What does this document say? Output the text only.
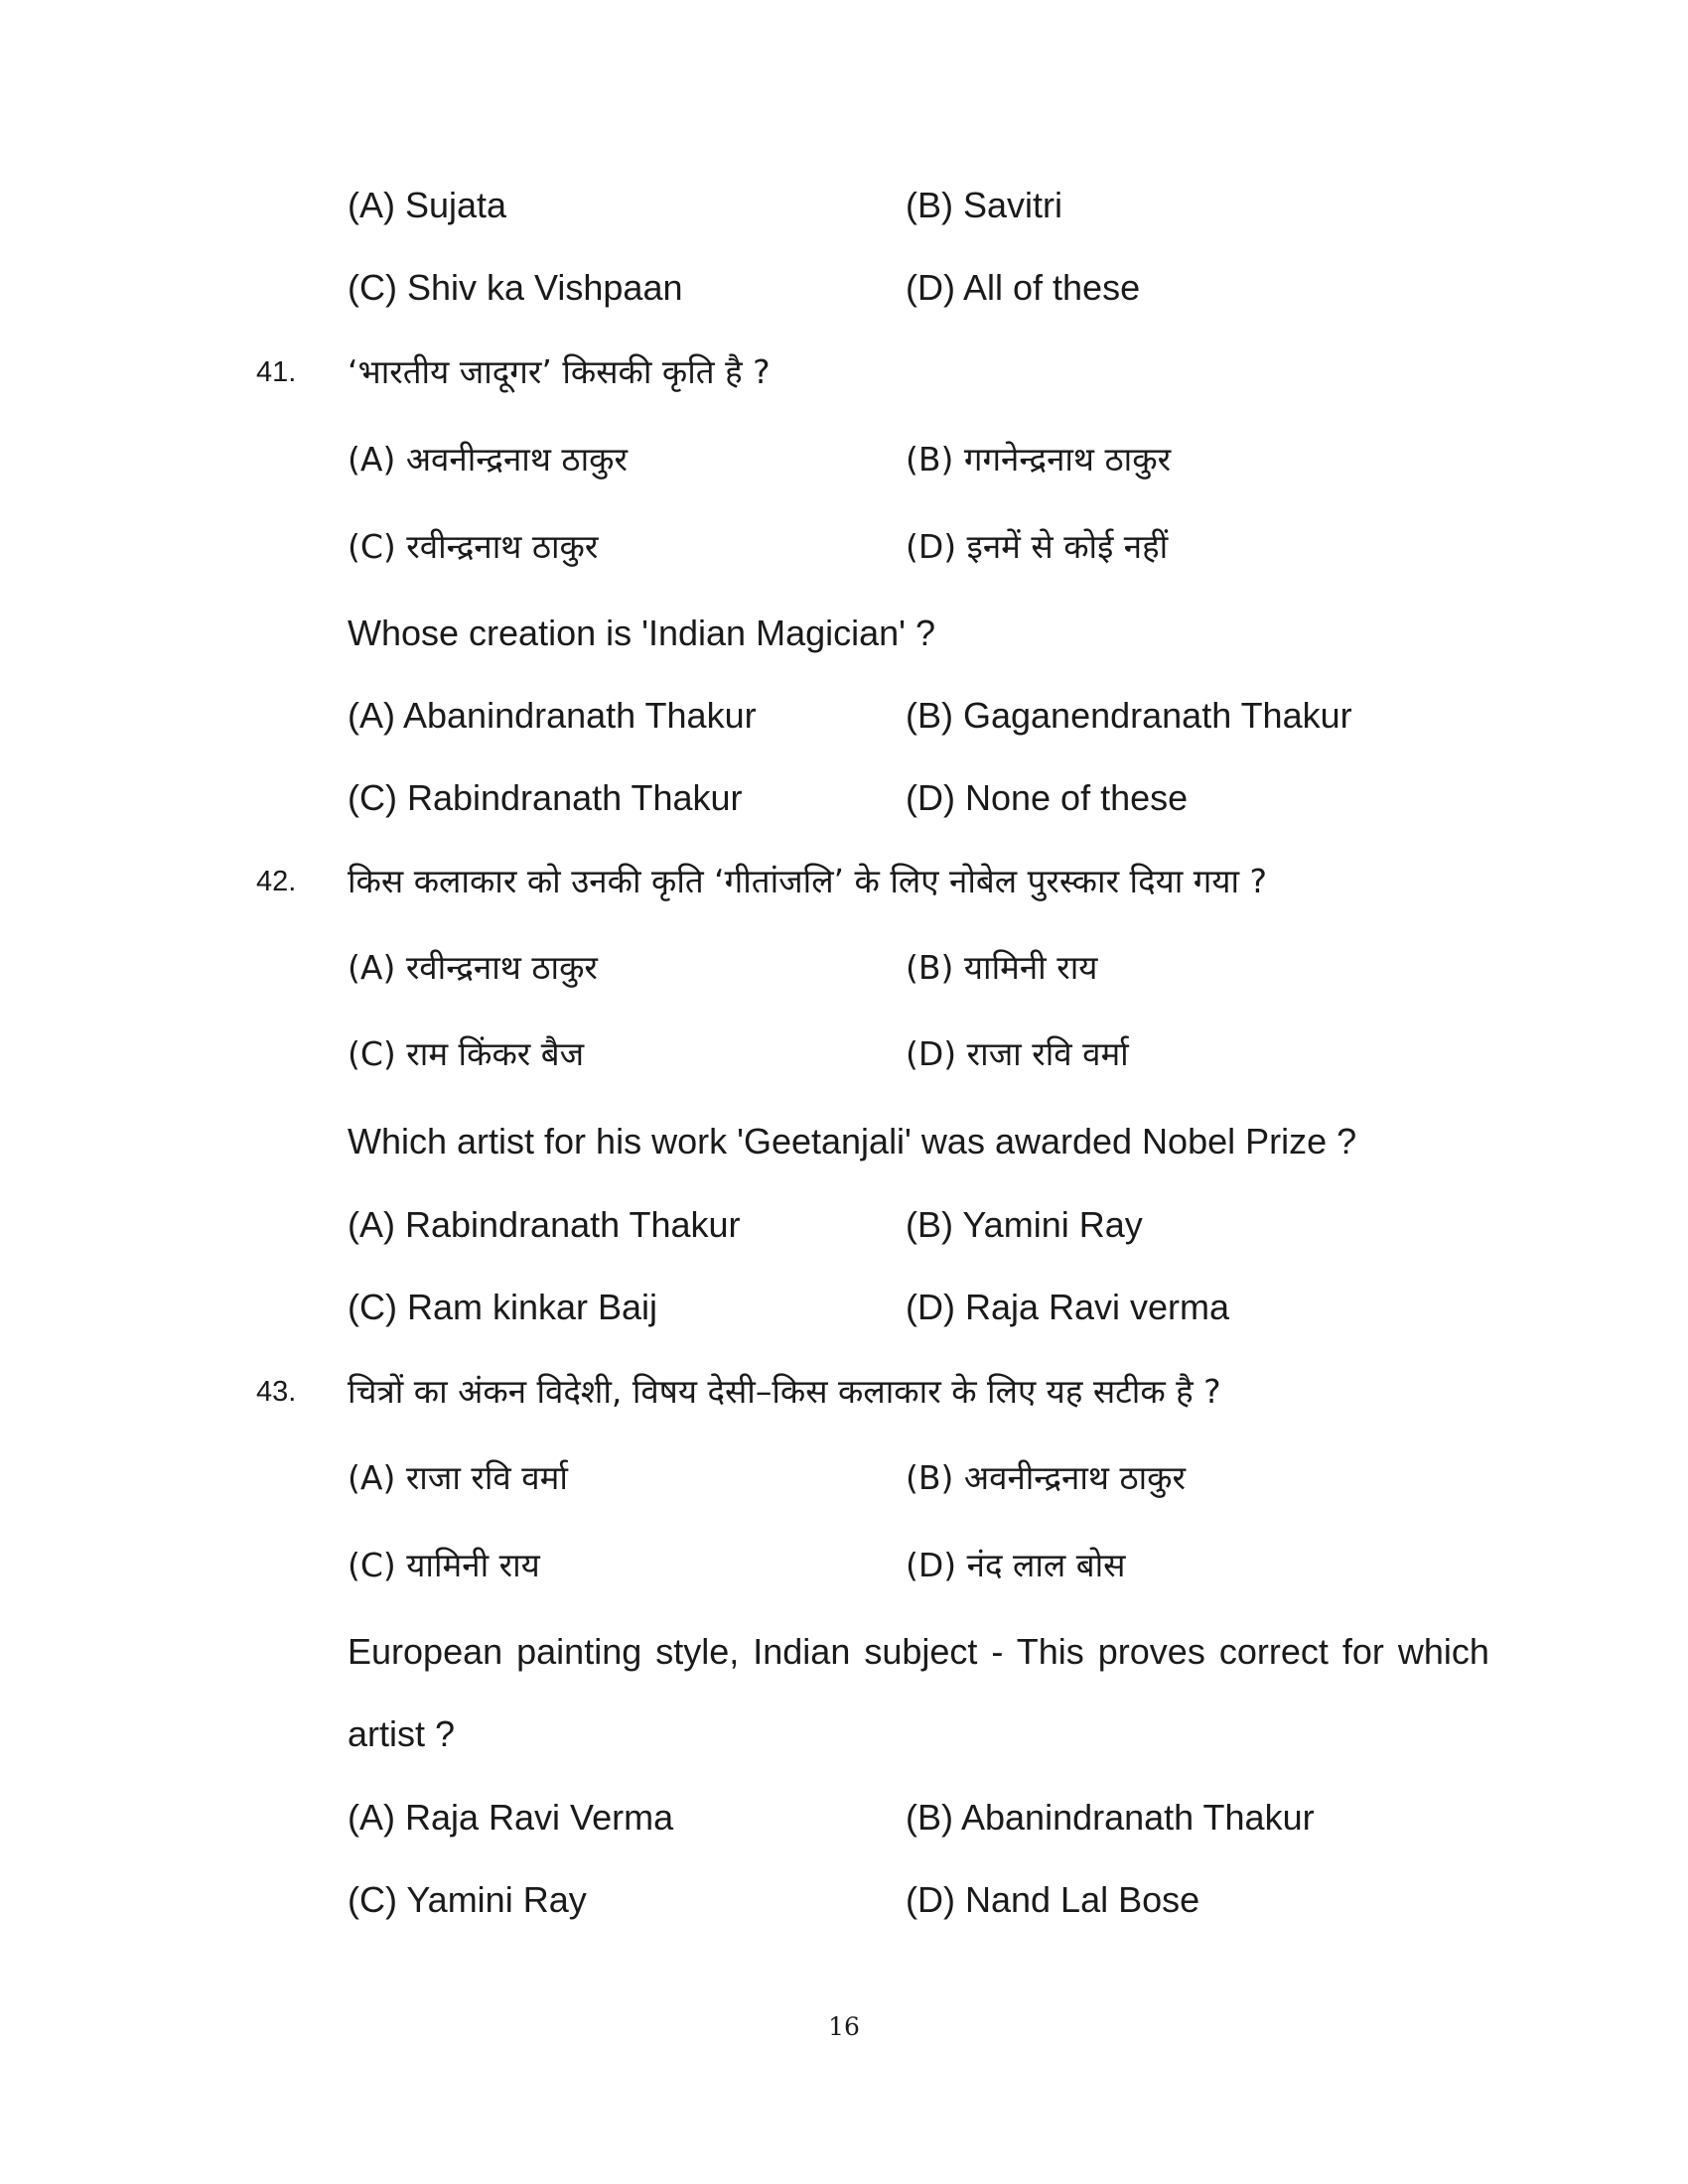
(A) Sujata	(B) Savitri
(C) Shiv ka Vishpaan	(D) All of these
41. ‘भारतीय जादूगर’ किसकी कृति है ?
(A) अवनीन्द्रनाथ ठाकुर	(B) गगनेन्द्रनाथ ठाकुर
(C) रवीन्द्रनाथ ठाकुर	(D) इनमें से कोई नहीं
Whose creation is 'Indian Magician' ?
(A) Abanindranath Thakur	(B) Gaganendranath Thakur
(C) Rabindranath Thakur	(D) None of these
42. किस कलाकार को उनकी कृति ‘गीतांजलि’ के लिए नोबेल पुरस्कार दिया गया ?
(A) रवीन्द्रनाथ ठाकुर	(B) यामिनी राय
(C) राम किंकर बैज	(D) राजा रवि वर्मा
Which artist for his work 'Geetanjali' was awarded Nobel Prize ?
(A) Rabindranath Thakur	(B) Yamini Ray
(C) Ram kinkar Baij	(D) Raja Ravi verma
43. चित्रों का अंकन विदेशी, विषय देसी–किस कलाकार के लिए यह सटीक है ?
(A) राजा रवि वर्मा	(B) अवनीन्द्रनाथ ठाकुर
(C) यामिनी राय	(D) नंद लाल बोस
European painting style, Indian subject - This proves correct for which
artist ?
(A) Raja Ravi Verma	(B) Abanindranath Thakur
(C) Yamini Ray	(D) Nand Lal Bose
16
